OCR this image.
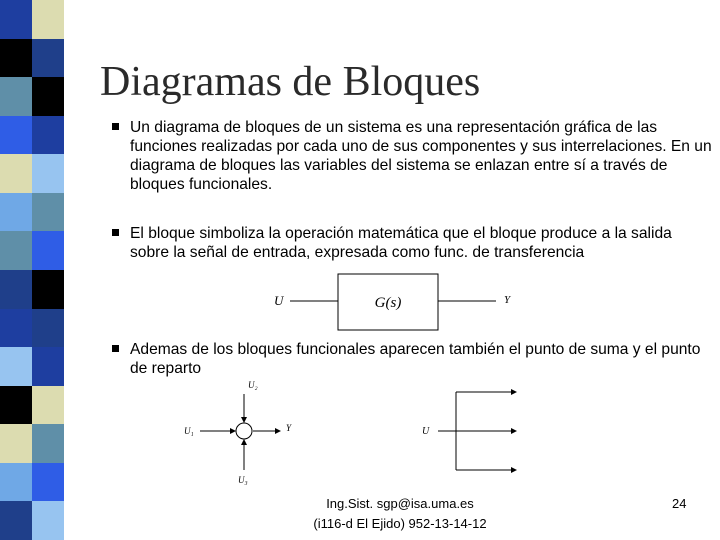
Diagramas de Bloques
Un diagrama de bloques de un sistema es una representación gráfica de las funciones realizadas por cada uno de sus componentes y sus interrelaciones. En un diagrama de bloques las variables del sistema se enlazan entre sí a través de bloques funcionales.
El bloque simboliza la operación matemática que el bloque produce a la salida sobre la señal de entrada, expresada como func. de transferencia
U	G(s)	Y
Ademas de los bloques funcionales aparecen también el punto de suma y el punto de reparto
U₂
U₁
U₃
Y	U
Ing.Sist. sgp@isa.uma.es
(i116-d El Ejido) 952-13-14-12
24
